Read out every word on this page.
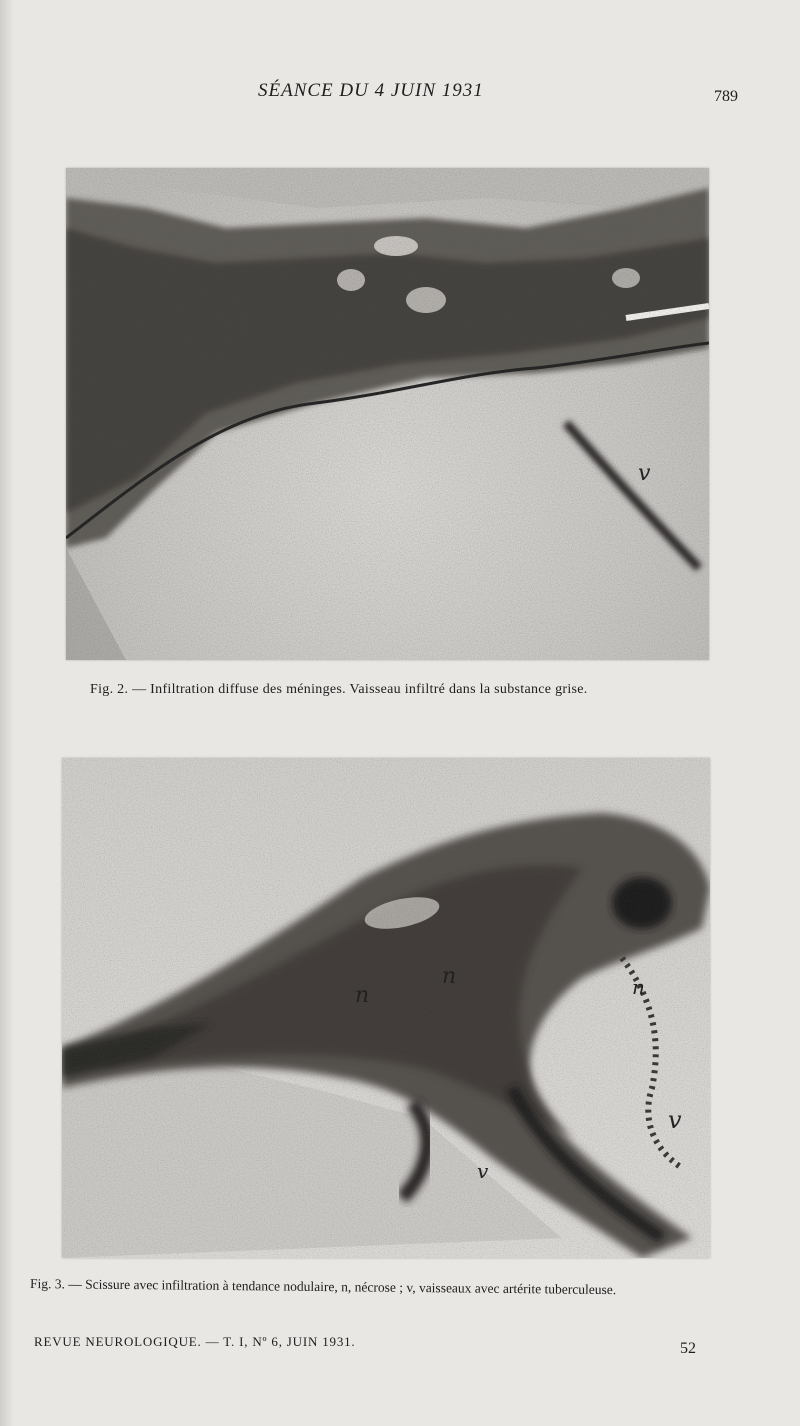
SÉANCE DU 4 JUIN 1931	789
v
Fig. 2. — Infiltration diffuse des méninges. Vaisseau infiltré dans la substance grise.
n
n	n
v
v
Fig. 3. — Scissure avec infiltration à tendance nodulaire, n, nécrose ; v, vaisseaux avec artérite tuberculeuse.
REVUE NEUROLOGIQUE. — T. I, Nº 6, JUIN 1931.	52
